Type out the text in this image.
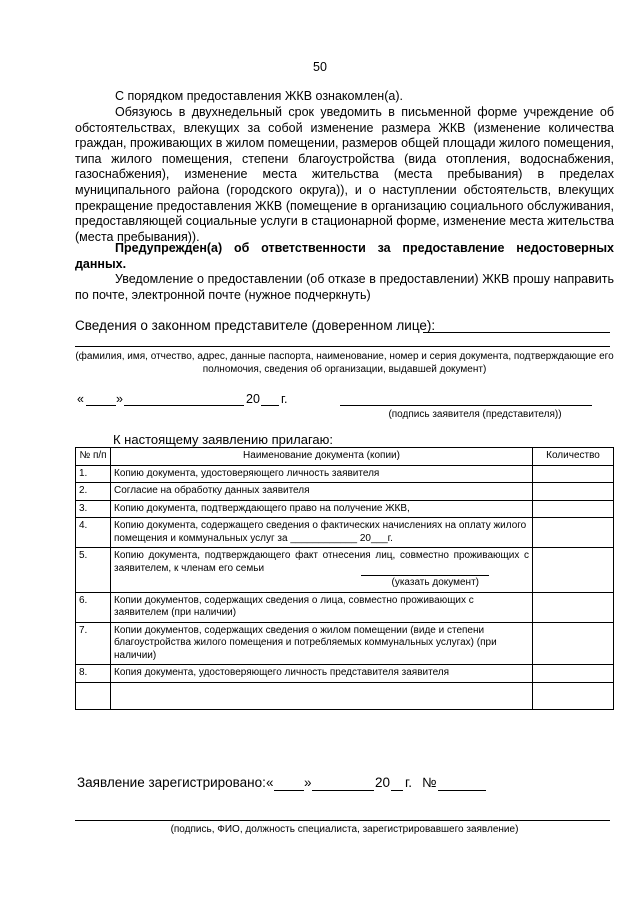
50
С порядком предоставления ЖКВ ознакомлен(а).
Обязуюсь в двухнедельный срок уведомить в письменной форме учреждение об обстоятельствах, влекущих за собой изменение размера ЖКВ (изменение количества граждан, проживающих в жилом помещении, размеров общей площади жилого помещения, типа жилого помещения, степени благоустройства (вида отопления, водоснабжения, газоснабжения), изменение места жительства (места пребывания) в пределах муниципального района (городского округа)), и о наступлении обстоятельств, влекущих прекращение предоставления ЖКВ (помещение в организацию социального обслуживания, предоставляющей социальные услуги в стационарной форме, изменение места жительства (места пребывания)).
Предупрежден(а) об ответственности за предоставление недостоверных данных.
Уведомление о предоставлении (об отказе в предоставлении) ЖКВ прошу направить по почте, электронной почте (нужное подчеркнуть)
Сведения о законном представителе (доверенном лице):
(фамилия, имя, отчество, адрес, данные паспорта, наименование, номер и серия документа, подтверждающие его полномочия, сведения об организации, выдавшей документ)
«	»	20 г.
(подпись заявителя (представителя))
К настоящему заявлению прилагаю:
№ п/п	Наименование документа (копии)	Количество
1.	Копию документа, удостоверяющего личность заявителя	
2.	Согласие на обработку данных заявителя	
3.	Копию документа, подтверждающего право на получение ЖКВ,	
4.	Копию документа, содержащего сведения о фактических начислениях на оплату жилого помещения и коммунальных услуг за ____________ 20___г.	
5.	Копию документа, подтверждающего факт отнесения лиц, совместно проживающих с заявителем, к членам его семьи
(указать документ)	

6.	Копии документов, содержащих сведения о лица, совместно проживающих с заявителем (при наличии)	
7.	Копии документов, содержащих сведения о жилом помещении (виде и степени благоустройства жилого помещения и потребляемых коммунальных услугах) (при наличии)	
8.	Копия документа, удостоверяющего личность представителя заявителя	

Заявление зарегистрировано: « »	20 г. №
(подпись, ФИО, должность специалиста, зарегистрировавшего заявление)
